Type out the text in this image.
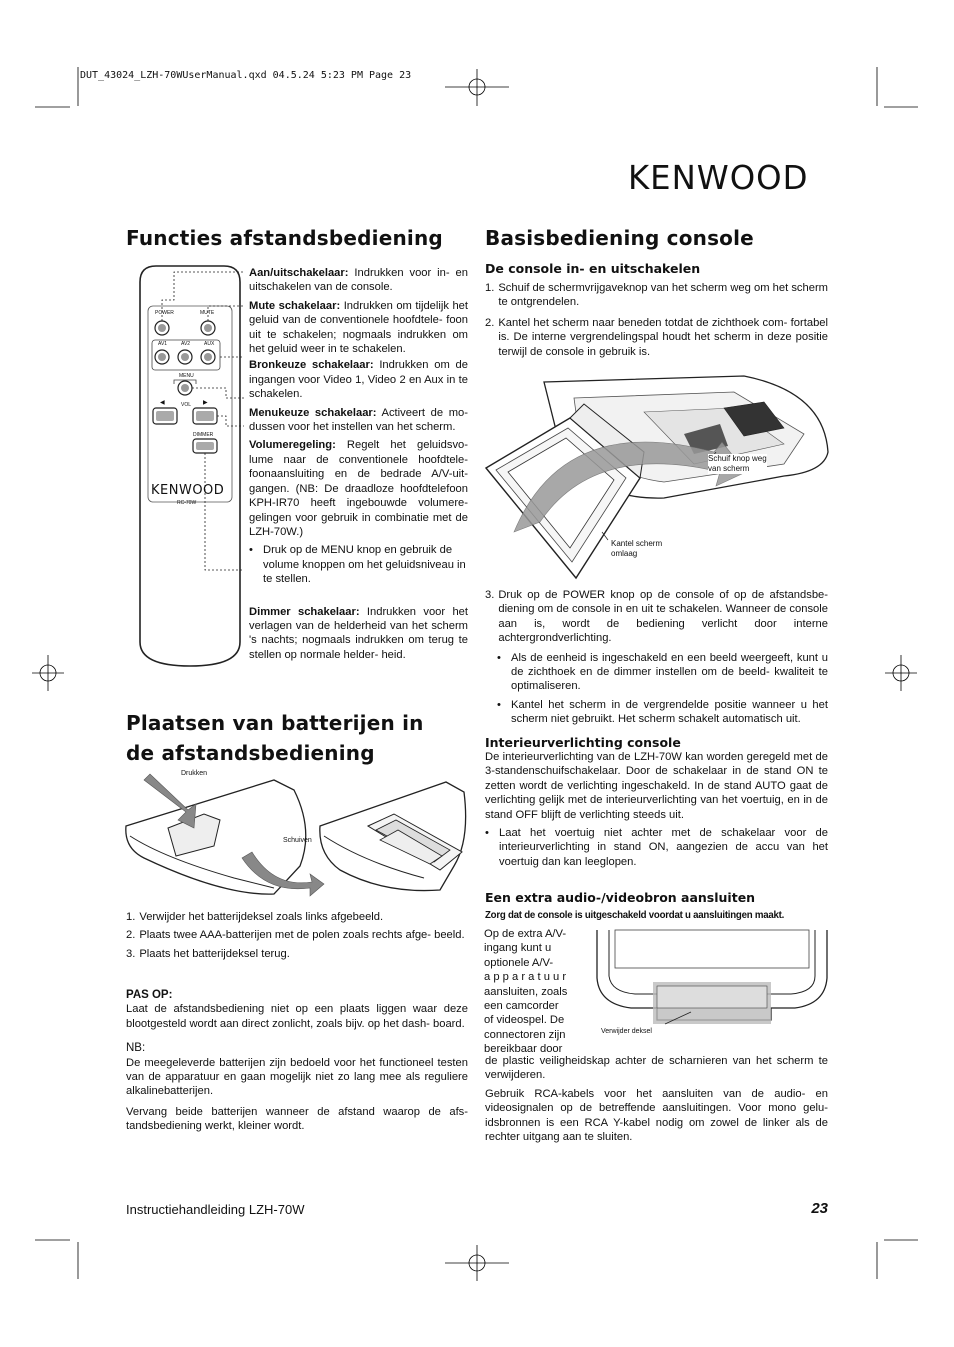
DUT_43024_LZH-70WUserManual.qxd 04.5.24 5:23 PM Page 23
KENWOOD
Functies afstandsbediening
POWER	MUTE
AV1	AV2	AUX
MENU
VOL
◀	▶
DIMMER
KENWOOD
RC-70W

Aan/uitschakelaar: Indrukken voor in- en uitschakelen van de console.

Mute schakelaar: Indrukken om tijdelijk het geluid van de conventionele hoofdtele- foon uit te schakelen; nogmaals indrukken om het geluid weer in te schakelen.

Bronkeuze schakelaar: Indrukken om de ingangen voor Video 1, Video 2 en Aux in te schakelen.

Menukeuze schakelaar: Activeert de mo- dussen voor het instellen van het scherm.

Volumeregeling: Regelt het geluidsvo- lume naar de conventionele hoofdtele- foonaansluiting en de bedrade A/V-uit- gangen. (NB: De draadloze hoofdtelefoon KPH-IR70 heeft ingebouwde volumere- gelingen voor gebruik in combinatie met de LZH-70W.)

• Druk op de MENU knop en gebruik de volume knoppen om het geluidsniveau in te stellen.

Dimmer schakelaar: Indrukken voor het verlagen van de helderheid van het scherm 's nachts; nogmaals indrukken om terug te stellen op normale helder- heid.

Plaatsen van batterijen in
de afstandsbediening
Drukken
Schuiven
1. Verwijder het batterijdeksel zoals links afgebeeld.
2. Plaats twee AAA-batterijen met de polen zoals rechts afge- beeld.
3. Plaats het batterijdeksel terug.
PAS OP:

Laat de afstandsbediening niet op een plaats liggen waar deze blootgesteld wordt aan direct zonlicht, zoals bijv. op het dash- board.

NB:

De meegeleverde batterijen zijn bedoeld voor het functioneel testen van de apparatuur en gaan mogelijk niet zo lang mee als reguliere alkalinebatterijen.

Vervang beide batterijen wanneer de afstand waarop de afs- tandsbediening werkt, kleiner wordt.

Basisbediening console
De console in- en uitschakelen
1. Schuif de schermvrijgaveknop van het scherm weg om het scherm te ontgrendelen.
2. Kantel het scherm naar beneden totdat de zichthoek com- fortabel is. De interne vergrendelingspal houdt het scherm in deze positie terwijl de console in gebruik is.
Schuif knop weg
van scherm
Kantel scherm
omlaag
3. Druk op de POWER knop op de console of op de afstandsbe- diening om de console in en uit te schakelen. Wanneer de console aan is, wordt de bediening verlicht door interne achtergrondverlichting.
• Als de eenheid is ingeschakeld en een beeld weergeeft, kunt u de zichthoek en de dimmer instellen om de beeld- kwaliteit te optimaliseren.
• Kantel het scherm in de vergrendelde positie wanneer u het scherm niet gebruikt. Het scherm schakelt automatisch uit.
Interieurverlichting console

De interieurverlichting van de LZH-70W kan worden geregeld met de 3-standenschuifschakelaar. Door de schakelaar in de stand ON te zetten wordt de verlichting ingeschakeld. In de stand AUTO gaat de verlichting gelijk met de interieurverlichting van het voertuig, en in de stand OFF blijft de verlichting steeds uit.

• Laat het voertuig niet achter met de schakelaar voor de interieurverlichting in stand ON, aangezien de accu van het voertuig dan kan leeglopen.
Een extra audio-/videobron aansluiten
Zorg dat de console is uitgeschakeld voordat u aansluitingen maakt.
Op de extra A/V-
ingang kunt u
optionele A/V-
a p p a r a t u u r
aansluiten, zoals
een camcorder
of videospel. De
connectoren zijn
bereikbaar door
Verwijder deksel

de plastic veiligheidskap achter de scharnieren van het scherm te verwijderen.

Gebruik RCA-kabels voor het aansluiten van de audio- en videosignalen op de betreffende aansluitingen. Voor mono gelu- idsbronnen is een RCA Y-kabel nodig om zowel de linker als de rechter uitgang aan te sluiten.

Instructiehandleiding LZH-70W	23
